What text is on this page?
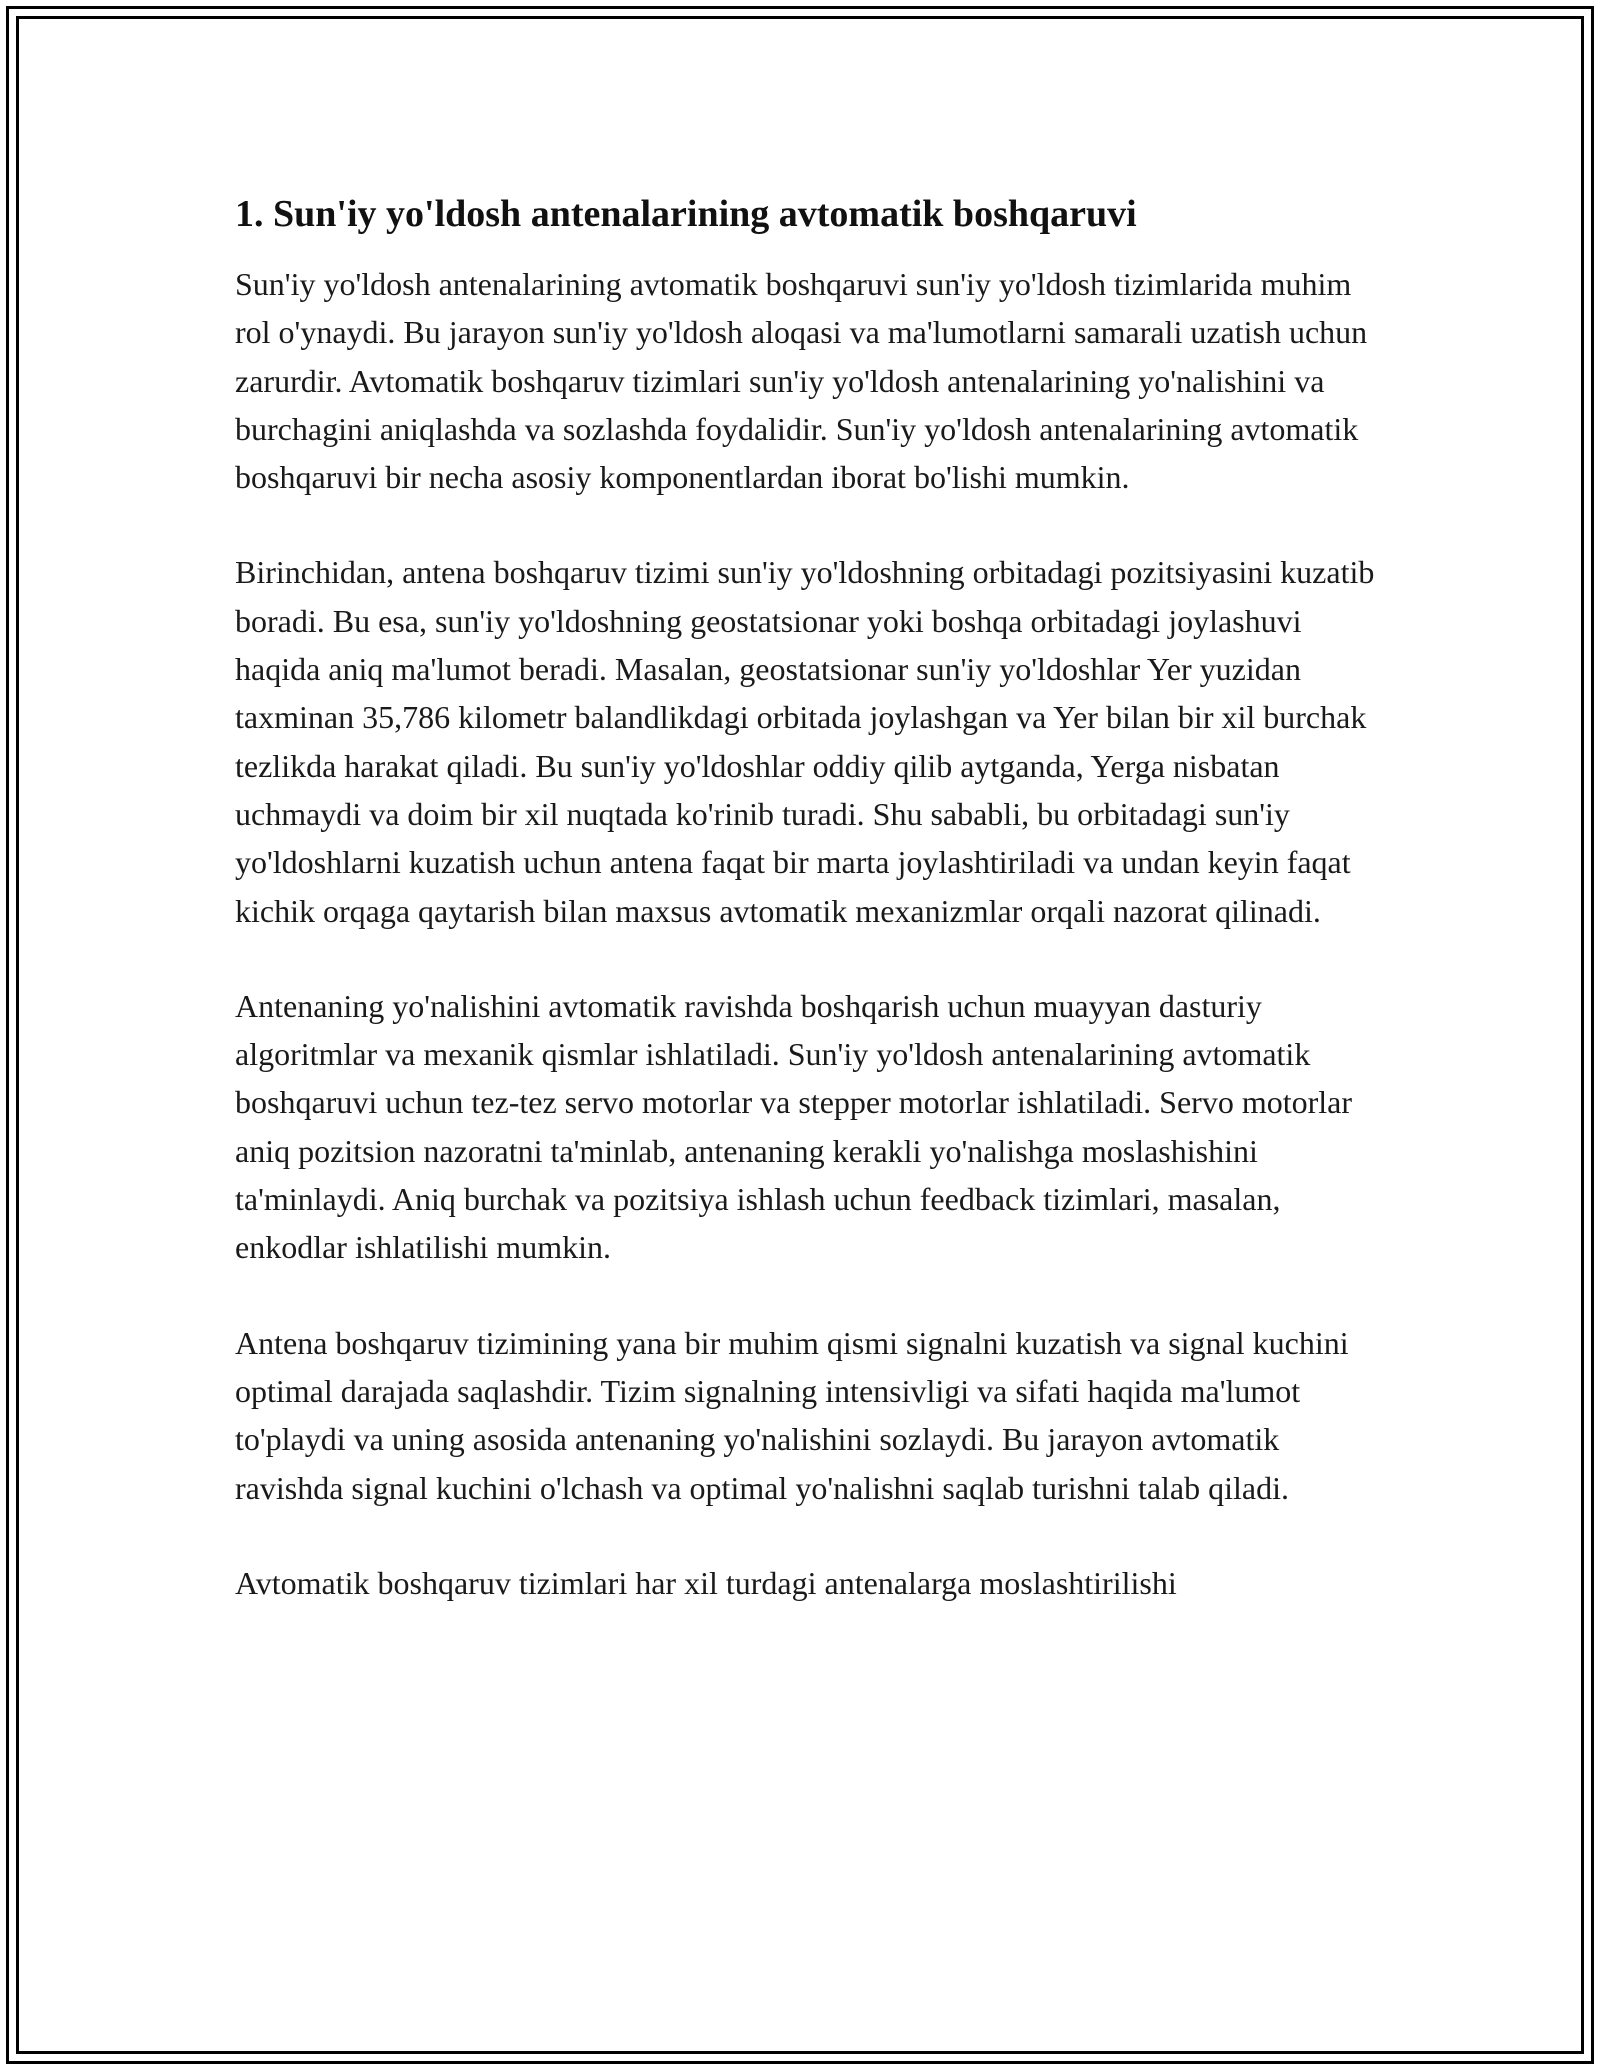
1. Sun'iy yo'ldosh antenalarining avtomatik boshqaruvi

Sun'iy yo'ldosh antenalarining avtomatik boshqaruvi sun'iy yo'ldosh tizimlarida muhim rol o'ynaydi. Bu jarayon sun'iy yo'ldosh aloqasi va ma'lumotlarni samarali uzatish uchun zarurdir. Avtomatik boshqaruv tizimlari sun'iy yo'ldosh antenalarining yo'nalishini va burchagini aniqlashda va sozlashda foydalidir. Sun'iy yo'ldosh antenalarining avtomatik boshqaruvi bir necha asosiy komponentlardan iborat bo'lishi mumkin.

Birinchidan, antena boshqaruv tizimi sun'iy yo'ldoshning orbitadagi pozitsiyasini kuzatib boradi. Bu esa, sun'iy yo'ldoshning geostatsionar yoki boshqa orbitadagi joylashuvi haqida aniq ma'lumot beradi. Masalan, geostatsionar sun'iy yo'ldoshlar Yer yuzidan taxminan 35,786 kilometr balandlikdagi orbitada joylashgan va Yer bilan bir xil burchak tezlikda harakat qiladi. Bu sun'iy yo'ldoshlar oddiy qilib aytganda, Yerga nisbatan uchmaydi va doim bir xil nuqtada ko'rinib turadi. Shu sababli, bu orbitadagi sun'iy yo'ldoshlarni kuzatish uchun antena faqat bir marta joylashtiriladi va undan keyin faqat kichik orqaga qaytarish bilan maxsus avtomatik mexanizmlar orqali nazorat qilinadi.

Antenaning yo'nalishini avtomatik ravishda boshqarish uchun muayyan dasturiy algoritmlar va mexanik qismlar ishlatiladi. Sun'iy yo'ldosh antenalarining avtomatik boshqaruvi uchun tez-tez servo motorlar va stepper motorlar ishlatiladi. Servo motorlar aniq pozitsion nazoratni ta'minlab, antenaning kerakli yo'nalishga moslashishini ta'minlaydi. Aniq burchak va pozitsiya ishlash uchun feedback tizimlari, masalan, enkodlar ishlatilishi mumkin.

Antena boshqaruv tizimining yana bir muhim qismi signalni kuzatish va signal kuchini optimal darajada saqlashdir. Tizim signalning intensivligi va sifati haqida ma'lumot to'playdi va uning asosida antenaning yo'nalishini sozlaydi. Bu jarayon avtomatik ravishda signal kuchini o'lchash va optimal yo'nalishni saqlab turishni talab qiladi.

Avtomatik boshqaruv tizimlari har xil turdagi antenalarga moslashtirilishi
